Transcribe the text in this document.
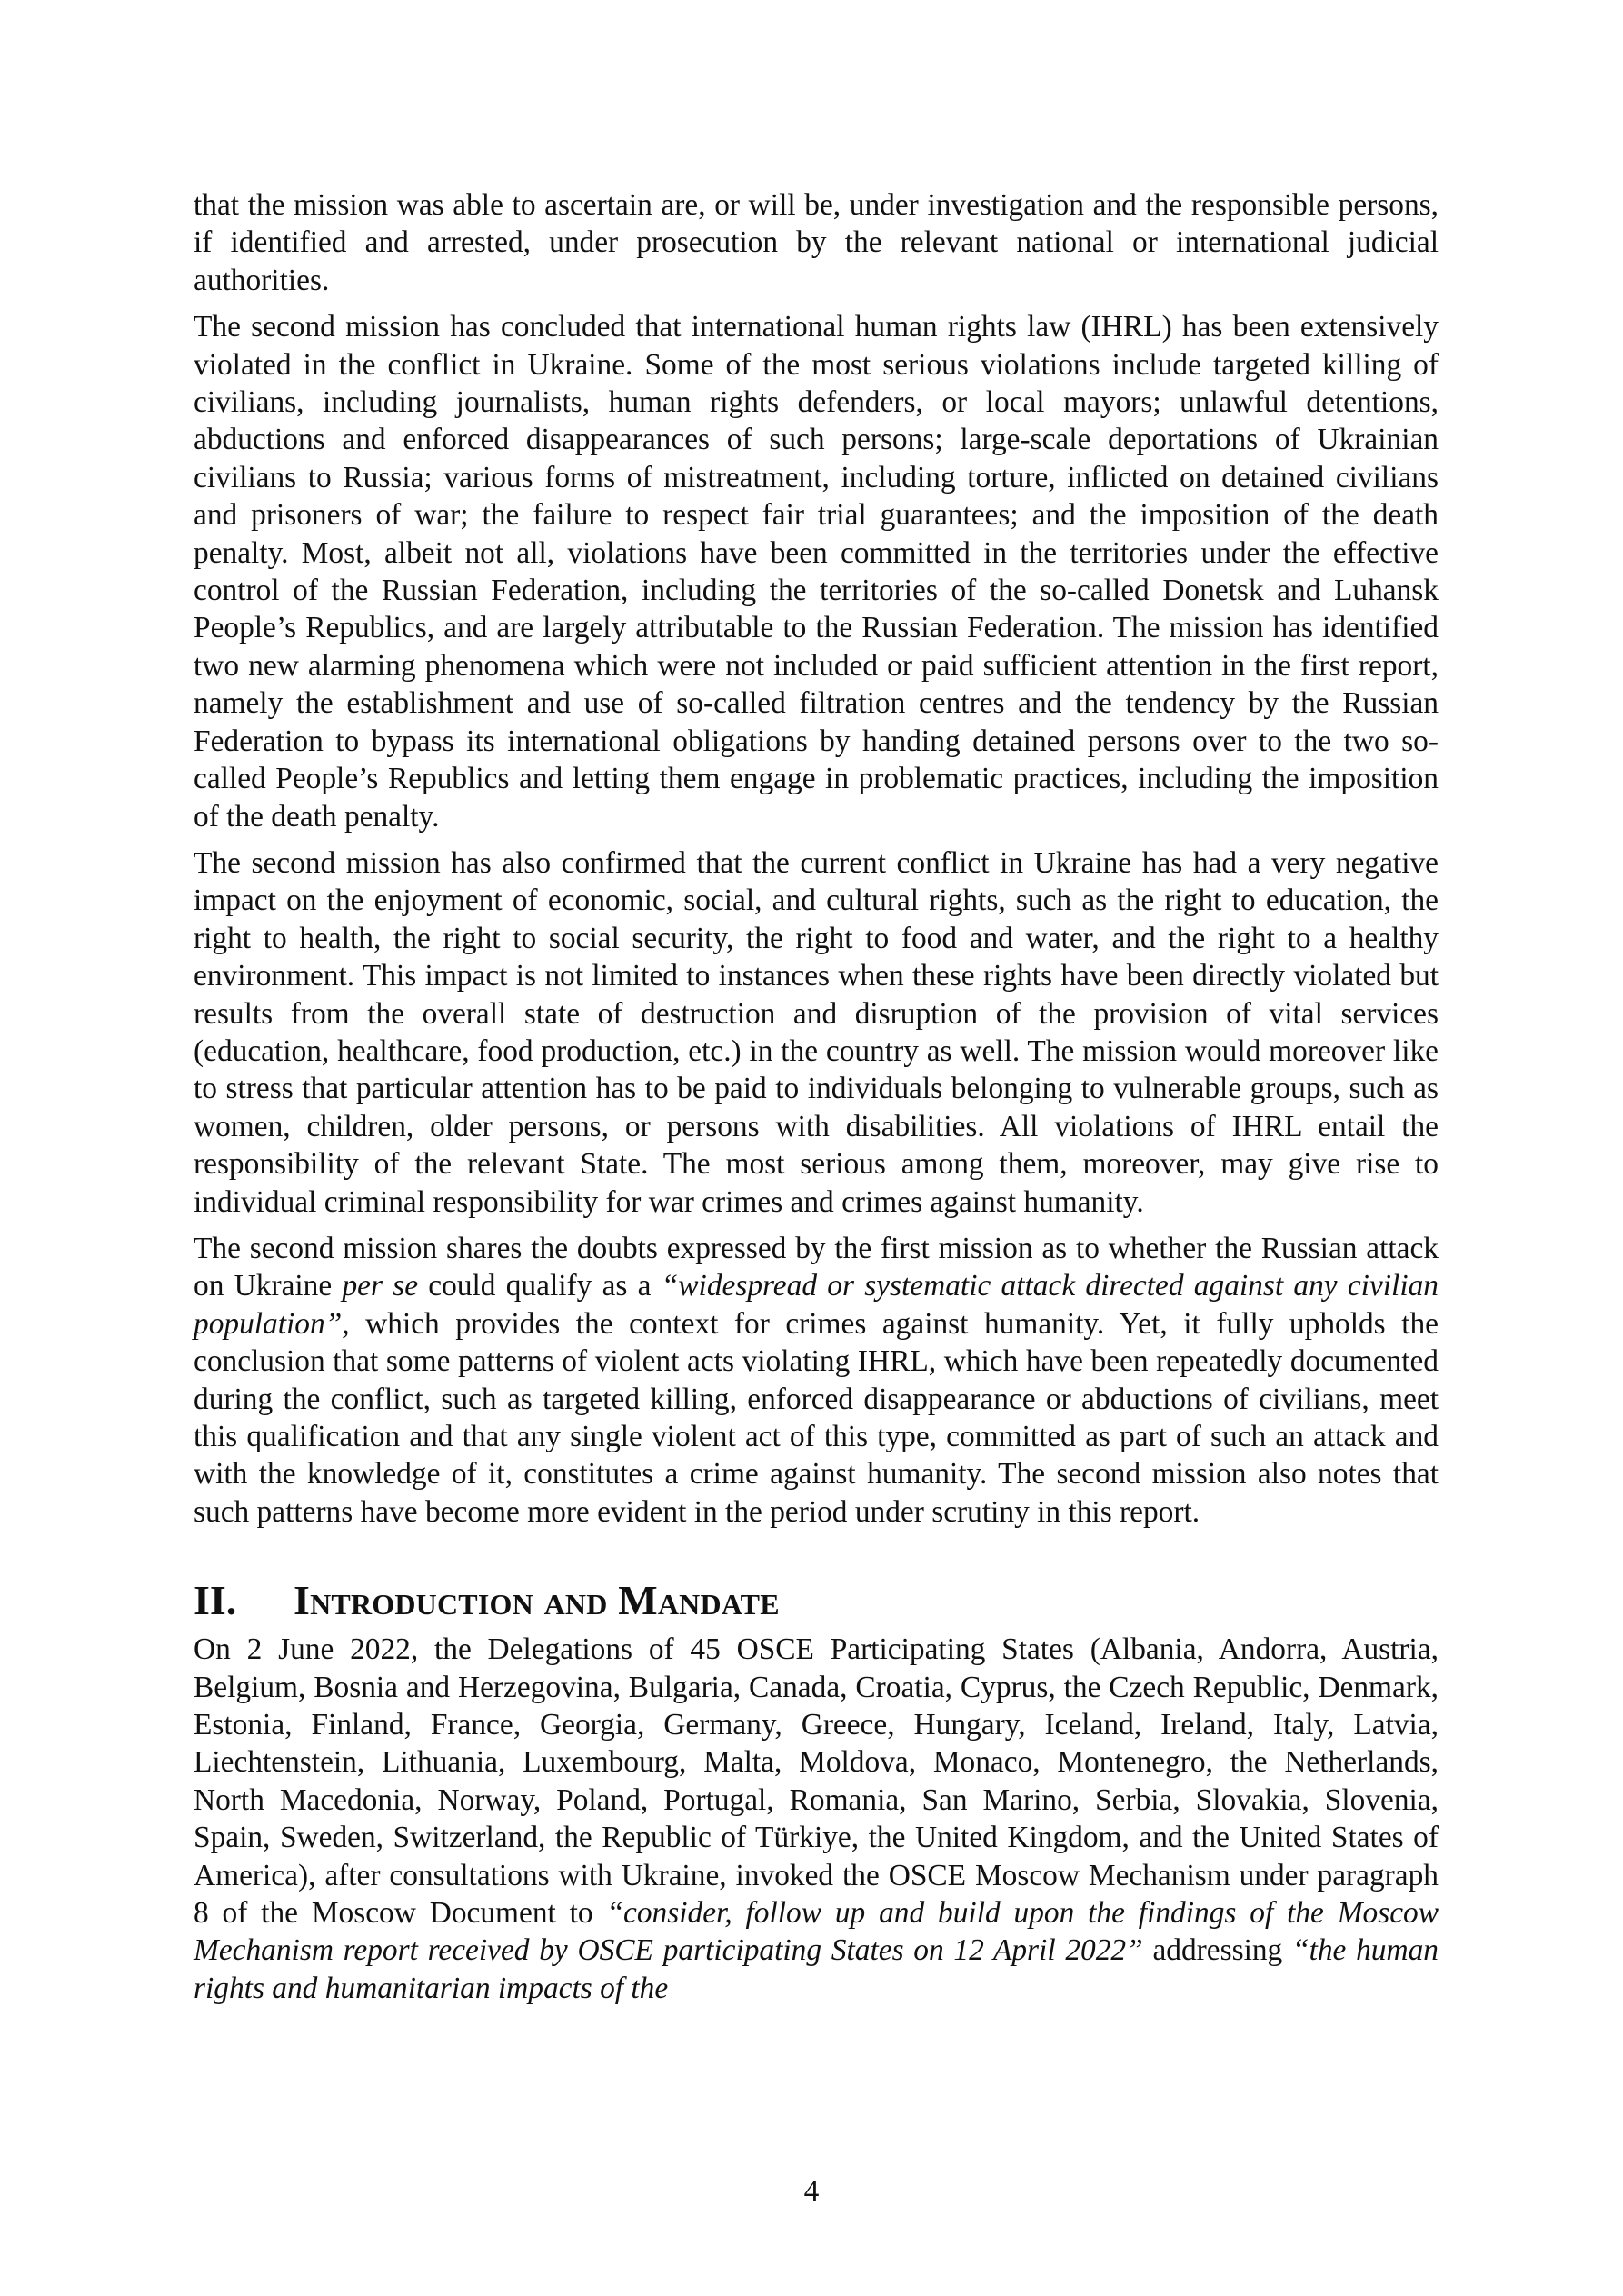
that the mission was able to ascertain are, or will be, under investigation and the responsible persons, if identified and arrested, under prosecution by the relevant national or international judicial authorities.

The second mission has concluded that international human rights law (IHRL) has been extensively violated in the conflict in Ukraine. Some of the most serious violations include targeted killing of civilians, including journalists, human rights defenders, or local mayors; unlawful detentions, abductions and enforced disappearances of such persons; large-scale deportations of Ukrainian civilians to Russia; various forms of mistreatment, including torture, inflicted on detained civilians and prisoners of war; the failure to respect fair trial guarantees; and the imposition of the death penalty. Most, albeit not all, violations have been committed in the territories under the effective control of the Russian Federation, including the territories of the so-called Donetsk and Luhansk People’s Republics, and are largely attributable to the Russian Federation. The mission has identified two new alarming phenomena which were not included or paid sufficient attention in the first report, namely the establishment and use of so-called filtration centres and the tendency by the Russian Federation to bypass its international obligations by handing detained persons over to the two so-called People’s Republics and letting them engage in problematic practices, including the imposition of the death penalty.

The second mission has also confirmed that the current conflict in Ukraine has had a very negative impact on the enjoyment of economic, social, and cultural rights, such as the right to education, the right to health, the right to social security, the right to food and water, and the right to a healthy environment. This impact is not limited to instances when these rights have been directly violated but results from the overall state of destruction and disruption of the provision of vital services (education, healthcare, food production, etc.) in the country as well. The mission would moreover like to stress that particular attention has to be paid to individuals belonging to vulnerable groups, such as women, children, older persons, or persons with disabilities. All violations of IHRL entail the responsibility of the relevant State. The most serious among them, moreover, may give rise to individual criminal responsibility for war crimes and crimes against humanity.

The second mission shares the doubts expressed by the first mission as to whether the Russian attack on Ukraine per se could qualify as a “widespread or systematic attack directed against any civilian population”, which provides the context for crimes against humanity. Yet, it fully upholds the conclusion that some patterns of violent acts violating IHRL, which have been repeatedly documented during the conflict, such as targeted killing, enforced disappearance or abductions of civilians, meet this qualification and that any single violent act of this type, committed as part of such an attack and with the knowledge of it, constitutes a crime against humanity. The second mission also notes that such patterns have become more evident in the period under scrutiny in this report.

II.	Introduction and Mandate

On 2 June 2022, the Delegations of 45 OSCE Participating States (Albania, Andorra, Austria, Belgium, Bosnia and Herzegovina, Bulgaria, Canada, Croatia, Cyprus, the Czech Republic, Denmark, Estonia, Finland, France, Georgia, Germany, Greece, Hungary, Iceland, Ireland, Italy, Latvia, Liechtenstein, Lithuania, Luxembourg, Malta, Moldova, Monaco, Montenegro, the Netherlands, North Macedonia, Norway, Poland, Portugal, Romania, San Marino, Serbia, Slovakia, Slovenia, Spain, Sweden, Switzerland, the Republic of Türkiye, the United Kingdom, and the United States of America), after consultations with Ukraine, invoked the OSCE Moscow Mechanism under paragraph 8 of the Moscow Document to “consider, follow up and build upon the findings of the Moscow Mechanism report received by OSCE participating States on 12 April 2022” addressing “the human rights and humanitarian impacts of the

4
